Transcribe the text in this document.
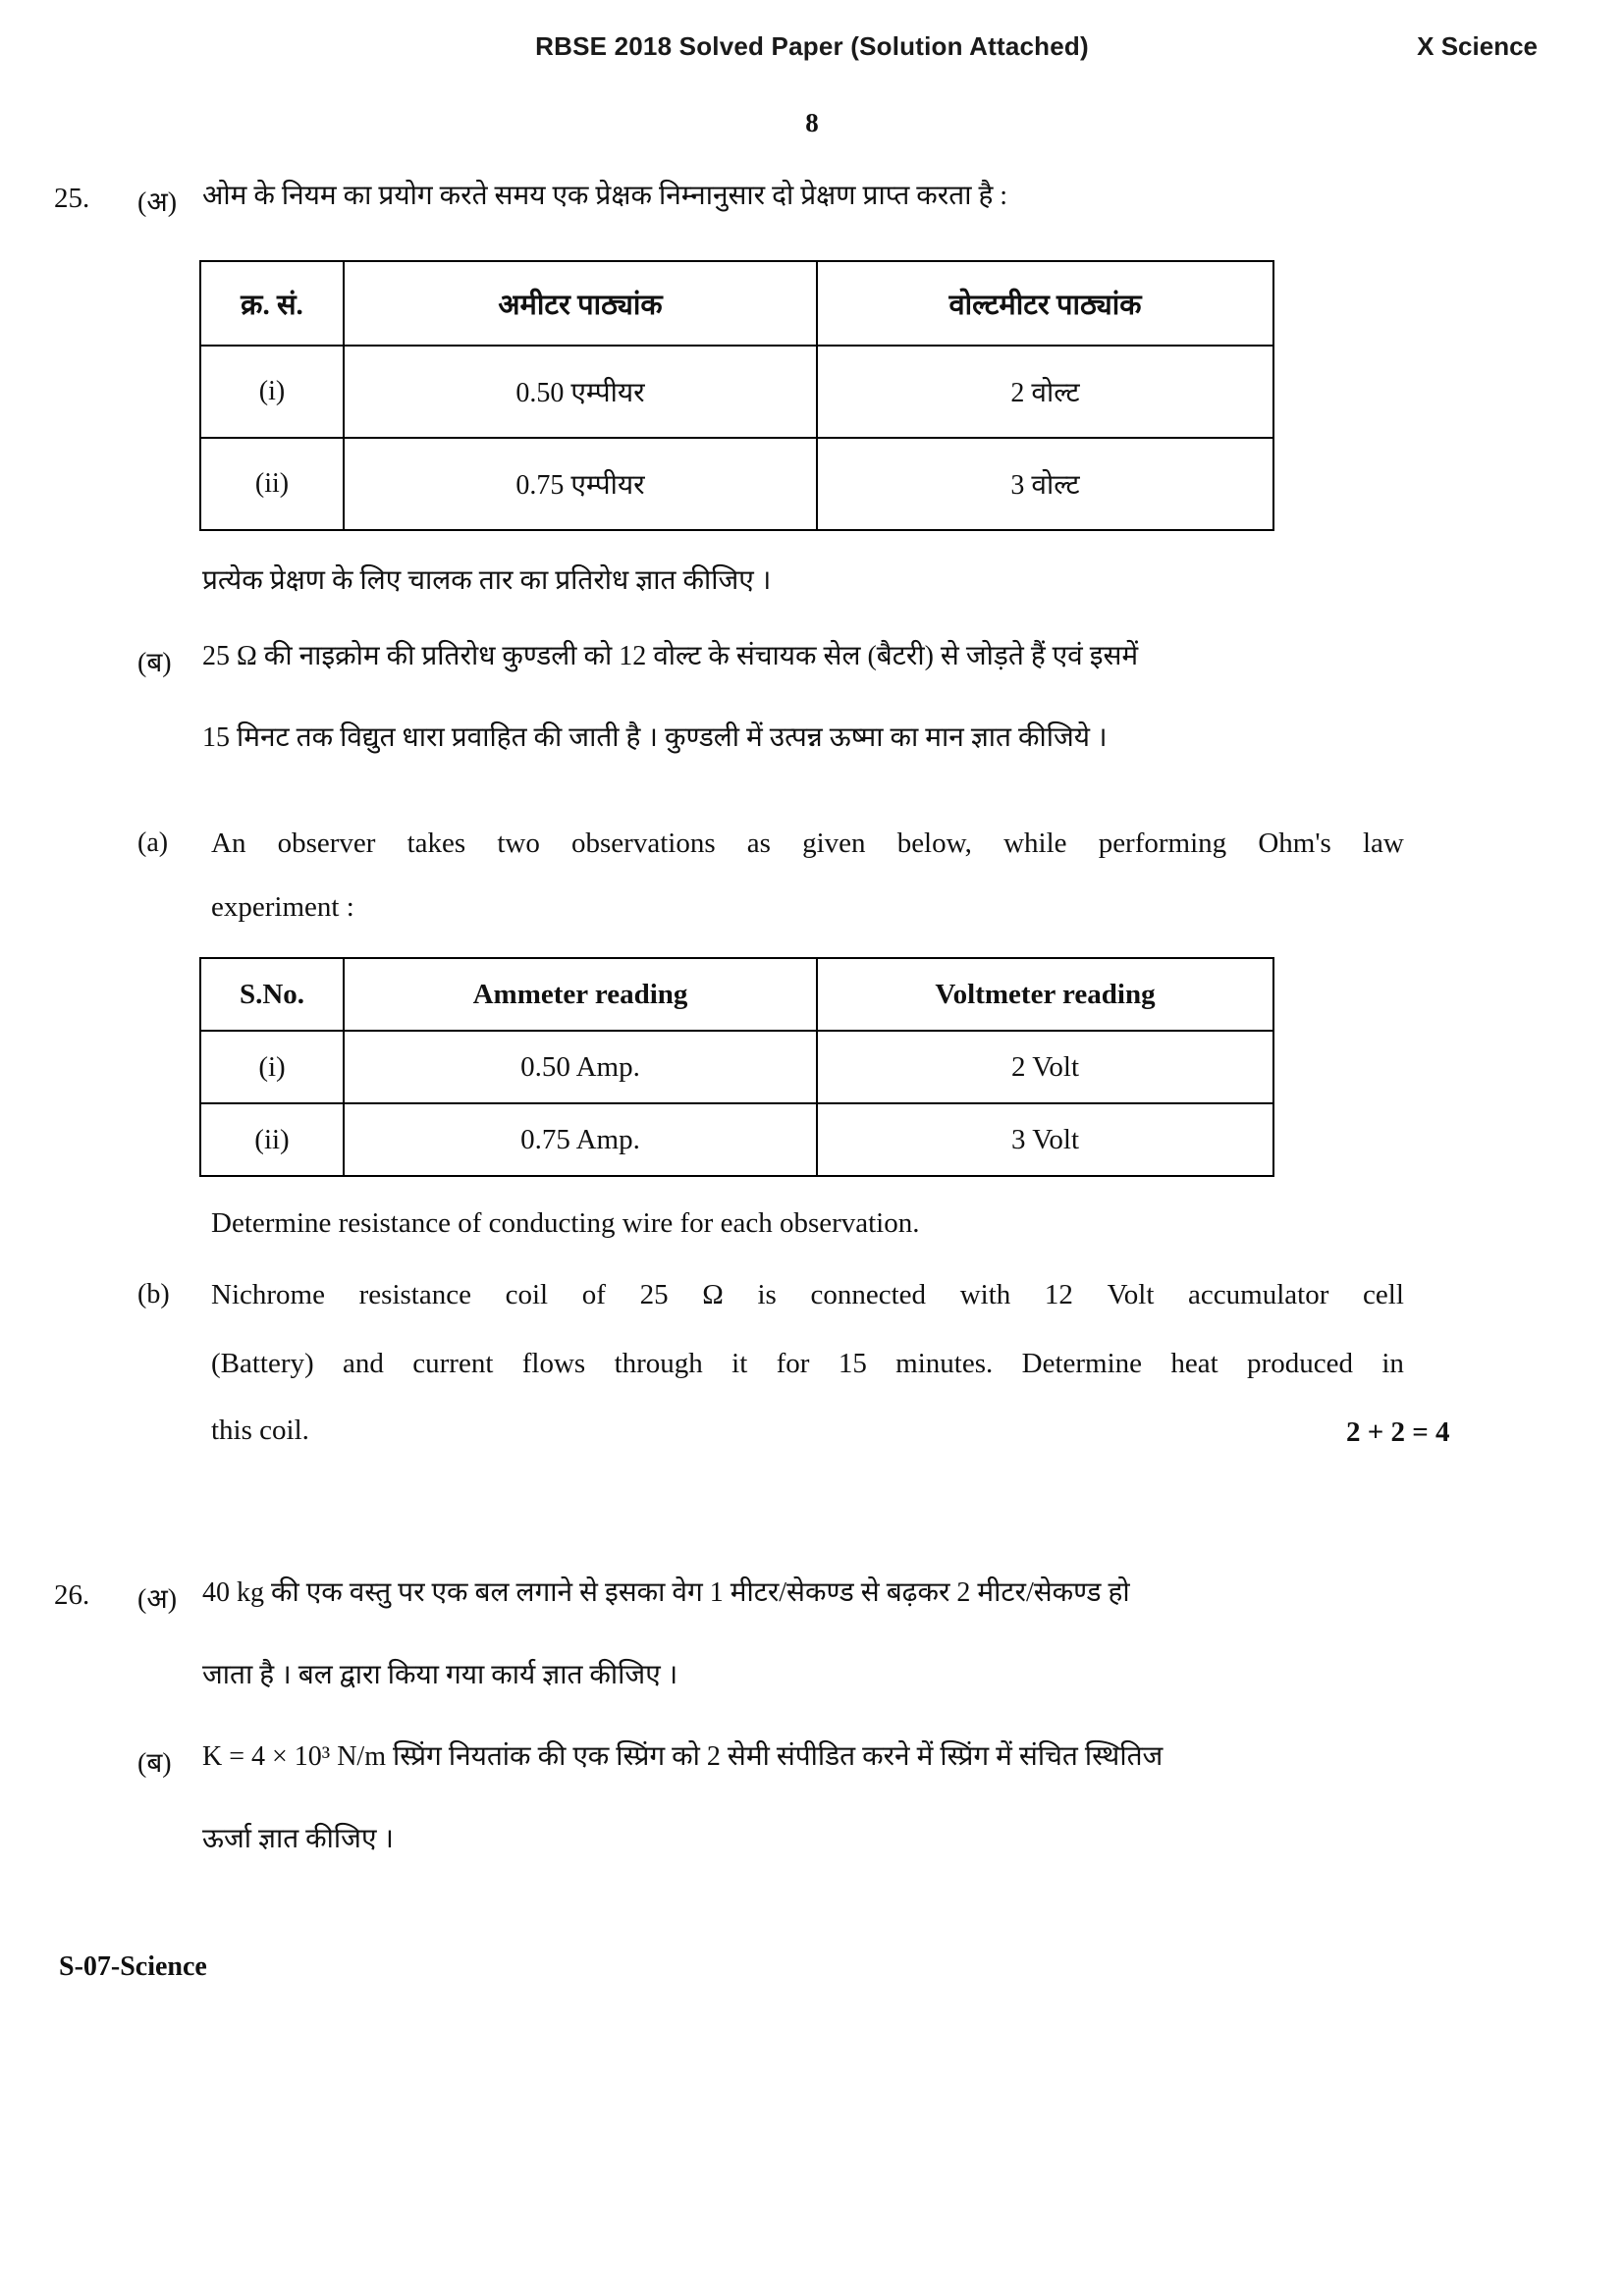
RBSE 2018 Solved Paper (Solution Attached)	X Science
8
25. (अ) ओम के नियम का प्रयोग करते समय एक प्रेक्षक निम्नानुसार दो प्रेक्षण प्राप्त करता है :
क्र. सं.	अमीटर पाठ्यांक	वोल्टमीटर पाठ्यांक
(i)	0.50 एम्पीयर	2 वोल्ट
(ii)	0.75 एम्पीयर	3 वोल्ट
प्रत्येक प्रेक्षण के लिए चालक तार का प्रतिरोध ज्ञात कीजिए ।
(ब) 25 Ω की नाइक्रोम की प्रतिरोध कुण्डली को 12 वोल्ट के संचायक सेल (बैटरी) से जोड़ते हैं एवं इसमें
15 मिनट तक विद्युत धारा प्रवाहित की जाती है । कुण्डली में उत्पन्न ऊष्मा का मान ज्ञात कीजिये ।
(a) An observer takes two observations as given below, while performing Ohm's law
experiment :
S.No.	Ammeter reading	Voltmeter reading
(i)	0.50 Amp.	2 Volt
(ii)	0.75 Amp.	3 Volt
Determine resistance of conducting wire for each observation.
(b) Nichrome resistance coil of 25 Ω is connected with 12 Volt accumulator cell
(Battery) and current flows through it for 15 minutes. Determine heat produced in
this coil.	2 + 2 = 4
26. (अ) 40 kg की एक वस्तु पर एक बल लगाने से इसका वेग 1 मीटर/सेकण्ड से बढ़कर 2 मीटर/सेकण्ड हो
जाता है । बल द्वारा किया गया कार्य ज्ञात कीजिए ।
(ब) K = 4 × 10³ N/m स्प्रिंग नियतांक की एक स्प्रिंग को 2 सेमी संपीडित करने में स्प्रिंग में संचित स्थितिज
ऊर्जा ज्ञात कीजिए ।
S-07-Science
